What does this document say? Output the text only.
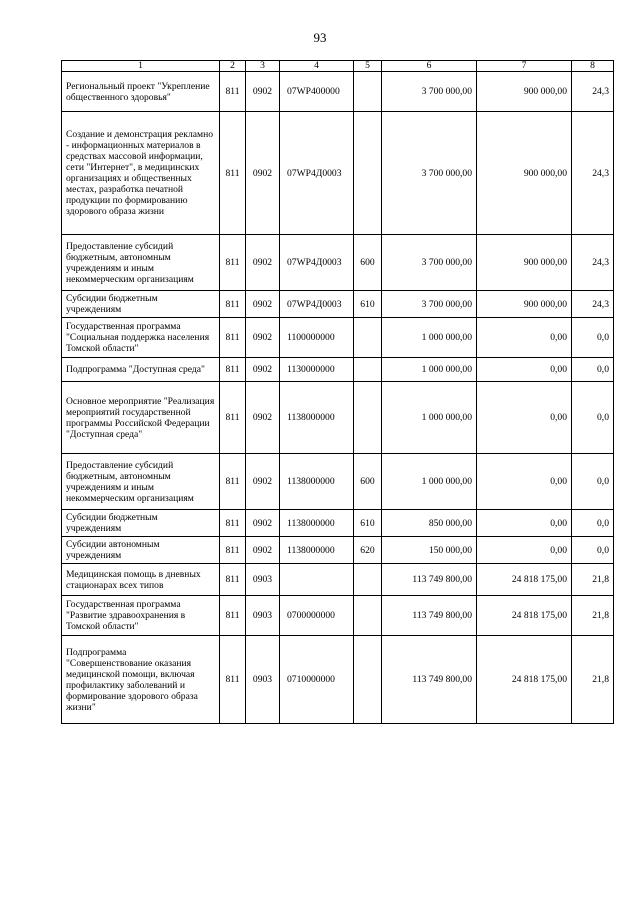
93
1	2	3	4	5	6	7	8
Региональный проект "Укрепление общественного здоровья"	811	0902	07WP400000		3 700 000,00	900 000,00	24,3
Создание и демонстрация рекламно - информационных материалов в средствах массовой информации, сети "Интернет", в медицинских организациях и общественных местах, разработка печатной продукции по формированию здорового образа жизни	811	0902	07WP4Д0003		3 700 000,00	900 000,00	24,3
Предоставление субсидий бюджетным, автономным учреждениям и иным некоммерческим организациям	811	0902	07WP4Д0003	600	3 700 000,00	900 000,00	24,3
Субсидии бюджетным учреждениям	811	0902	07WP4Д0003	610	3 700 000,00	900 000,00	24,3
Государственная программа "Социальная поддержка населения Томской области"	811	0902	1100000000		1 000 000,00	0,00	0,0
Подпрограмма "Доступная среда"	811	0902	1130000000		1 000 000,00	0,00	0,0
Основное мероприятие "Реализация мероприятий государственной программы Российской Федерации "Доступная среда"	811	0902	1138000000		1 000 000,00	0,00	0,0
Предоставление субсидий бюджетным, автономным учреждениям и иным некоммерческим организациям	811	0902	1138000000	600	1 000 000,00	0,00	0,0
Субсидии бюджетным учреждениям	811	0902	1138000000	610	850 000,00	0,00	0,0
Субсидии автономным учреждениям	811	0902	1138000000	620	150 000,00	0,00	0,0
Медицинская помощь в дневных стационарах всех типов	811	0903			113 749 800,00	24 818 175,00	21,8
Государственная программа "Развитие здравоохранения в Томской области"	811	0903	0700000000		113 749 800,00	24 818 175,00	21,8
Подпрограмма "Совершенствование оказания медицинской помощи, включая профилактику заболеваний и формирование здорового образа жизни"	811	0903	0710000000		113 749 800,00	24 818 175,00	21,8
